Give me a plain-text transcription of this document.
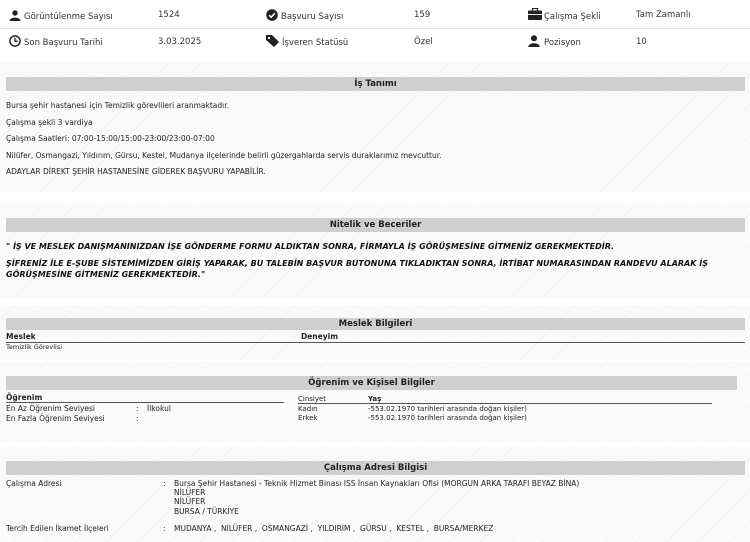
Görüntülenme Sayısı	1524	Başvuru Sayısı	159	Çalışma Şekli	Tam Zamanlı
Son Başvuru Tarihi	3.03.2025	İşveren Statüsü	Özel	Pozisyon	10
İş Tanımı
Bursa şehir hastanesi için Temizlik görevlileri aranmaktadır.
Çalışma şekli 3 vardiya
Çalışma Saatleri: 07:00-15:00/15:00-23:00/23:00-07:00
Nilüfer, Osmangazi, Yıldırım, Gürsu, Kestel, Mudanya ilçelerinde belirli güzergahlarda servis duraklarımız mevcuttur.
ADAYLAR DİREKT ŞEHİR HASTANESİNE GİDEREK BAŞVURU YAPABİLİR.
Nitelik ve Beceriler
" İŞ VE MESLEK DANIŞMANINIZDAN İŞE GÖNDERME FORMU ALDIKTAN SONRA, FİRMAYLA İŞ GÖRÜŞMESİNE GİTMENİZ GEREKMEKTEDİR.
ŞİFRENİZ İLE E-ŞUBE SİSTEMİMİZDEN GİRİŞ YAPARAK, BU TALEBİN BAŞVUR BUTONUNA TIKLADIKTAN SONRA, İRTİBAT NUMARASINDAN RANDEVU ALARAK İŞ GÖRÜŞMESİNE GİTMENİZ GEREKMEKTEDİR."
Meslek Bilgileri
Meslek	Deneyim
Temizlik Görevlisi
Öğrenim ve Kişisel Bilgiler
Öğrenim
En Az Öğrenim Seviyesi	: İlkokul
En Fazla Öğrenim Seviyesi	:
Cinsiyet	Yaş
Kadın	-553.02.1970 tarihleri arasında doğan kişiler)
Erkek	-553.02.1970 tarihleri arasında doğan kişiler)
Çalışma Adresi Bilgisi
Çalışma Adresi	: Bursa Şehir Hastanesi - Teknik Hizmet Binası ISS İnsan Kaynakları Ofisi (MORGUN ARKA TARAFI BEYAZ BİNA)
NİLÜFER
NİLÜFER
BURSA / TÜRKİYE
Tercih Edilen İkamet İlçeleri	: MUDANYA ,  NİLÜFER ,  OSMANGAZİ ,  YILDIRIM ,  GÜRSU ,  KESTEL ,  BURSA/MERKEZ
